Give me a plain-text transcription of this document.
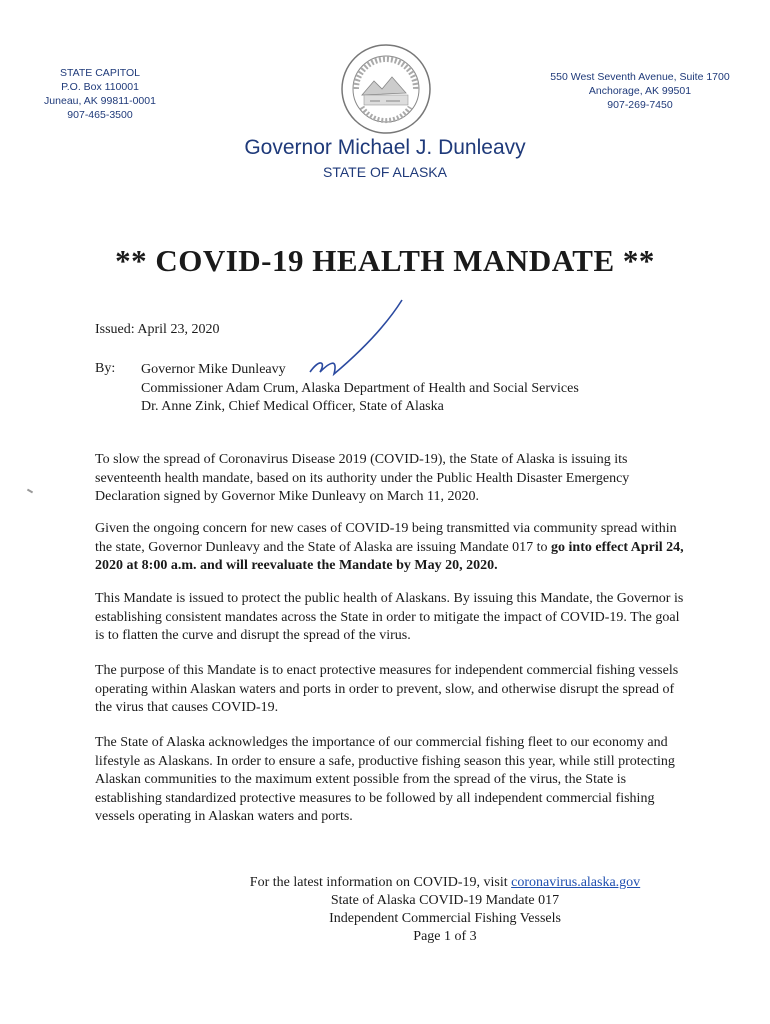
STATE CAPITOL
P.O. Box 110001
Juneau, AK 99811-0001
907-465-3500
550 West Seventh Avenue, Suite 1700
Anchorage, AK 99501
907-269-7450
Governor Michael J. Dunleavy
STATE OF ALASKA
** COVID-19 HEALTH MANDATE **
Issued: April 23, 2020
By: Governor Mike Dunleavy
Commissioner Adam Crum, Alaska Department of Health and Social Services
Dr. Anne Zink, Chief Medical Officer, State of Alaska
To slow the spread of Coronavirus Disease 2019 (COVID-19), the State of Alaska is issuing its seventeenth health mandate, based on its authority under the Public Health Disaster Emergency Declaration signed by Governor Mike Dunleavy on March 11, 2020.
Given the ongoing concern for new cases of COVID-19 being transmitted via community spread within the state, Governor Dunleavy and the State of Alaska are issuing Mandate 017 to go into effect April 24, 2020 at 8:00 a.m. and will reevaluate the Mandate by May 20, 2020.
This Mandate is issued to protect the public health of Alaskans. By issuing this Mandate, the Governor is establishing consistent mandates across the State in order to mitigate the impact of COVID-19. The goal is to flatten the curve and disrupt the spread of the virus.
The purpose of this Mandate is to enact protective measures for independent commercial fishing vessels operating within Alaskan waters and ports in order to prevent, slow, and otherwise disrupt the spread of the virus that causes COVID-19.
The State of Alaska acknowledges the importance of our commercial fishing fleet to our economy and lifestyle as Alaskans. In order to ensure a safe, productive fishing season this year, while still protecting Alaskan communities to the maximum extent possible from the spread of the virus, the State is establishing standardized protective measures to be followed by all independent commercial fishing vessels operating in Alaskan waters and ports.
For the latest information on COVID-19, visit coronavirus.alaska.gov
State of Alaska COVID-19 Mandate 017
Independent Commercial Fishing Vessels
Page 1 of 3
